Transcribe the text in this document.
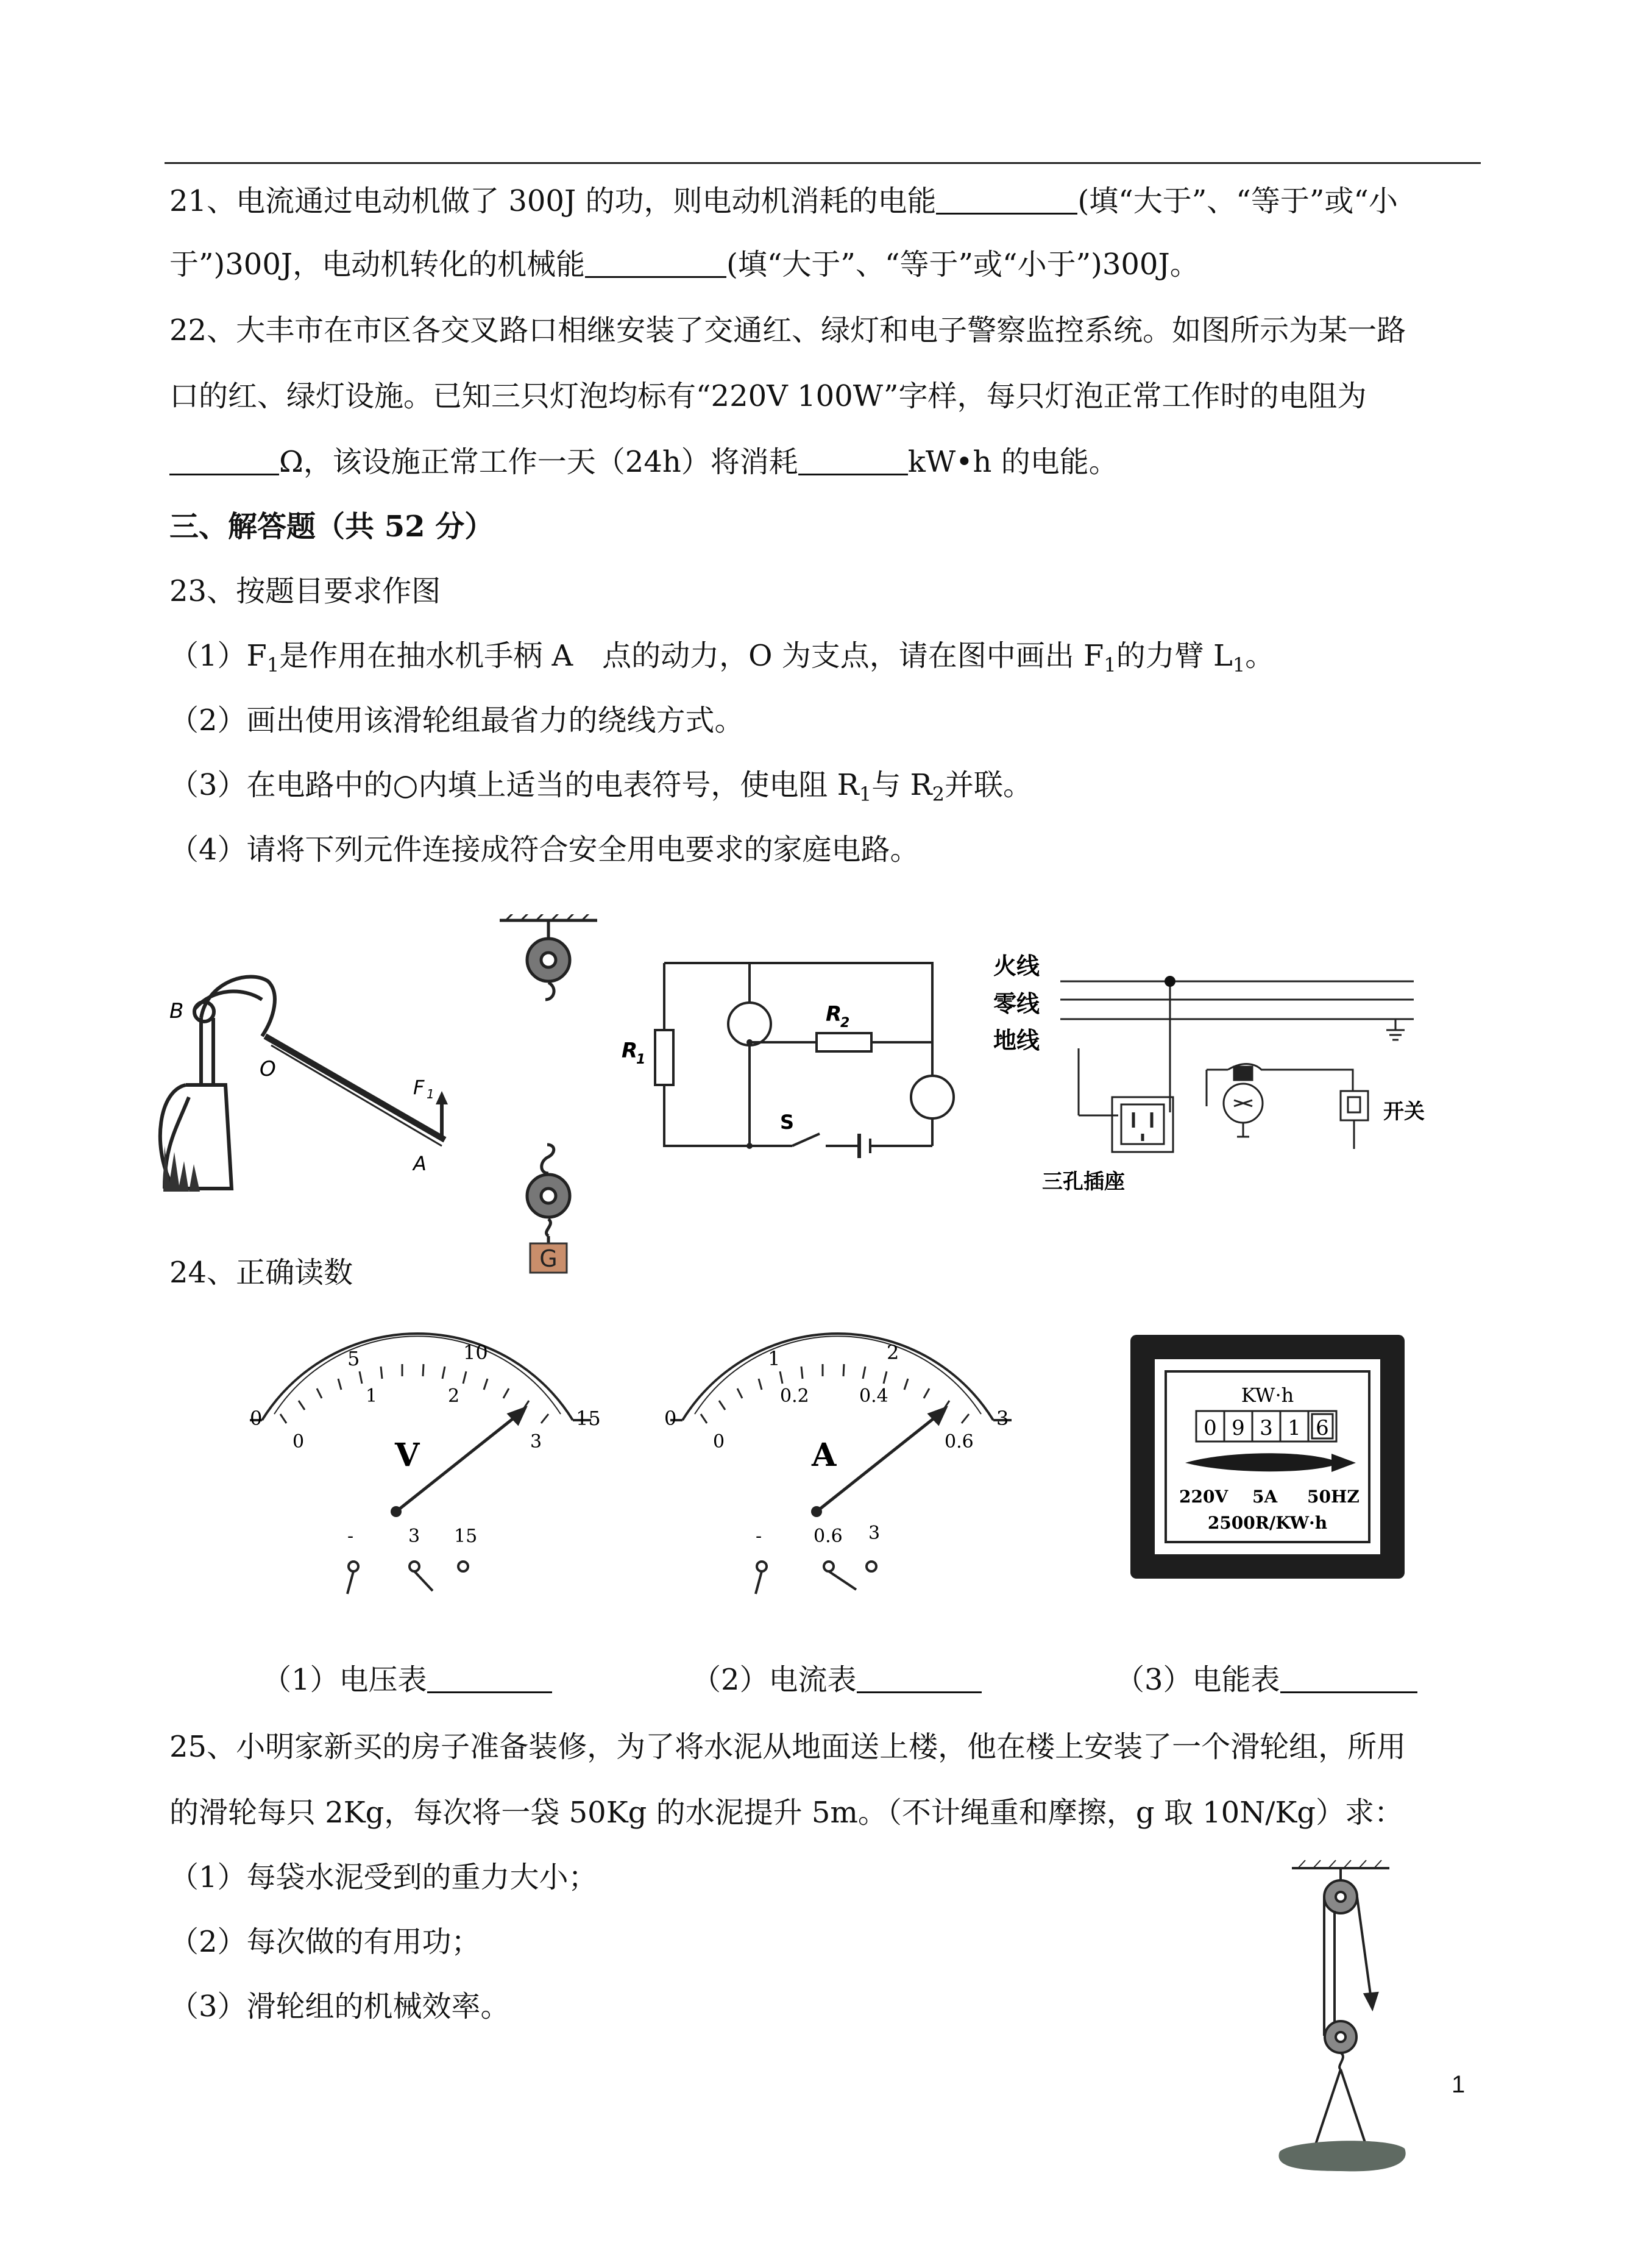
21、电流通过电动机做了 300J 的功，则电动机消耗的电能	(填“大于”、“等于”或“小
于”)300J，电动机转化的机械能	(填“大于”、“等于”或“小于”)300J。
22、大丰市在市区各交叉路口相继安装了交通红、绿灯和电子警察监控系统。如图所示为某一路
口的红、绿灯设施。已知三只灯泡均标有“220V 100W”字样，每只灯泡正常工作时的电阻为
Ω，该设施正常工作一天（24h）将消耗	kW•h 的电能。
三、解答题（共 52 分）
23、按题目要求作图
$(1)F_1$是作用在抽水机手柄 A　点的动力，O 为支点，请在图中画出 $F_1$的力臂 $L_1$。
（2）画出使用该滑轮组最省力的绕线方式。
（3）在电路中的○内填上适当的电表符号，使电阻 $R_1$与 $R_2$并联。
（4）请将下列元件连接成符合安全用电要求的家庭电路。
B
O
F 1
A
G
R
1
R
2
S
火线
零线
地线
三孔插座
开关
24、正确读数
0
5	10
15
0
1	2
3
V
-	3 15
0
1	2
3
0
0.2	0.4
0.6
A
-	0.6 3
KW·h
0 9 3 1 6
220V 5A 50HZ
2500R/KW·h
（1）电压表	（2）电流表	（3）电能表
25、小明家新买的房子准备装修，为了将水泥从地面送上楼，他在楼上安装了一个滑轮组，所用
的滑轮每只 2Kg，每次将一袋 50Kg 的水泥提升 5m。（不计绳重和摩擦，g 取 10N/Kg）求：
（1）每袋水泥受到的重力大小；
（2）每次做的有用功；
（3）滑轮组的机械效率。
1
